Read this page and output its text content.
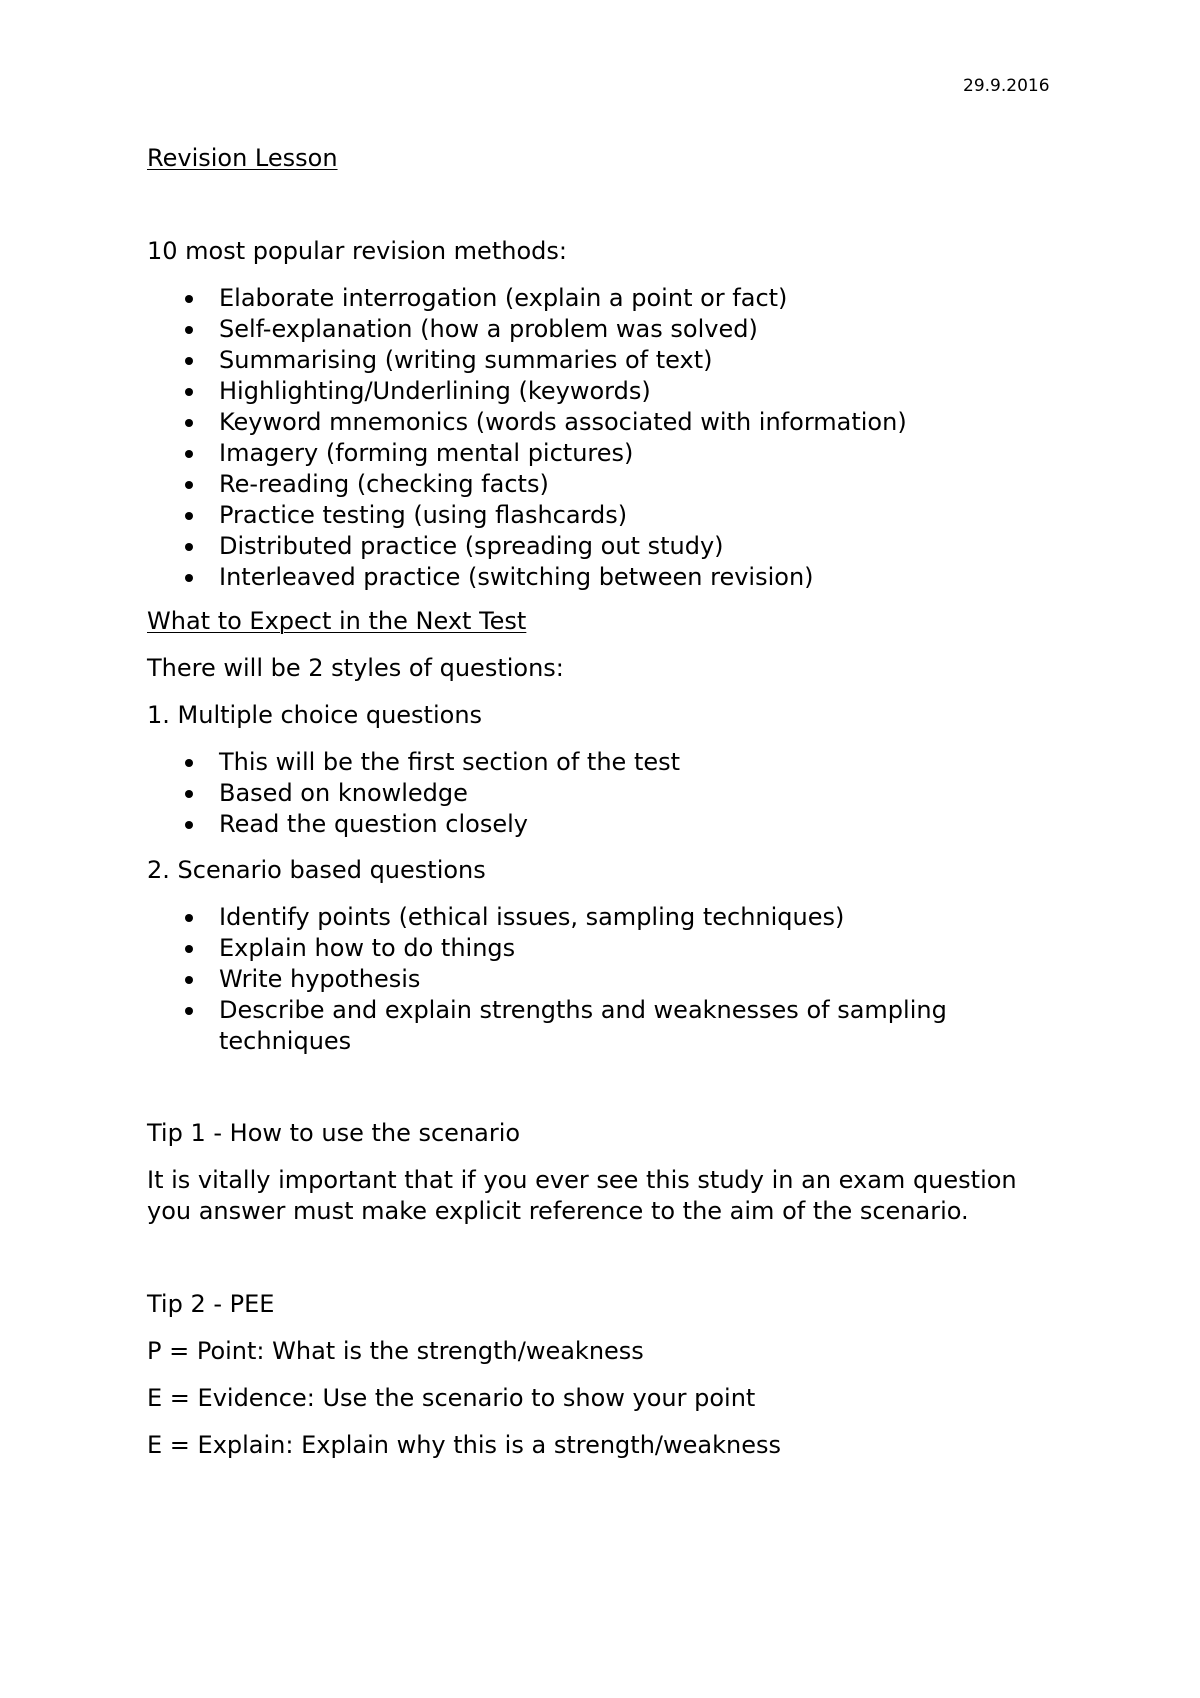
29.9.2016
Revision Lesson
10 most popular revision methods:
Elaborate interrogation (explain a point or fact)
Self-explanation (how a problem was solved)
Summarising (writing summaries of text)
Highlighting/Underlining (keywords)
Keyword mnemonics (words associated with information)
Imagery (forming mental pictures)
Re-reading (checking facts)
Practice testing (using flashcards)
Distributed practice (spreading out study)
Interleaved practice (switching between revision)
What to Expect in the Next Test
There will be 2 styles of questions:
1. Multiple choice questions
This will be the first section of the test
Based on knowledge
Read the question closely
2. Scenario based questions
Identify points (ethical issues, sampling techniques)
Explain how to do things
Write hypothesis
Describe and explain strengths and weaknesses of sampling techniques
Tip 1 - How to use the scenario
It is vitally important that if you ever see this study in an exam question
you answer must make explicit reference to the aim of the scenario.
Tip 2 - PEE
P = Point: What is the strength/weakness
E = Evidence: Use the scenario to show your point
E = Explain: Explain why this is a strength/weakness
